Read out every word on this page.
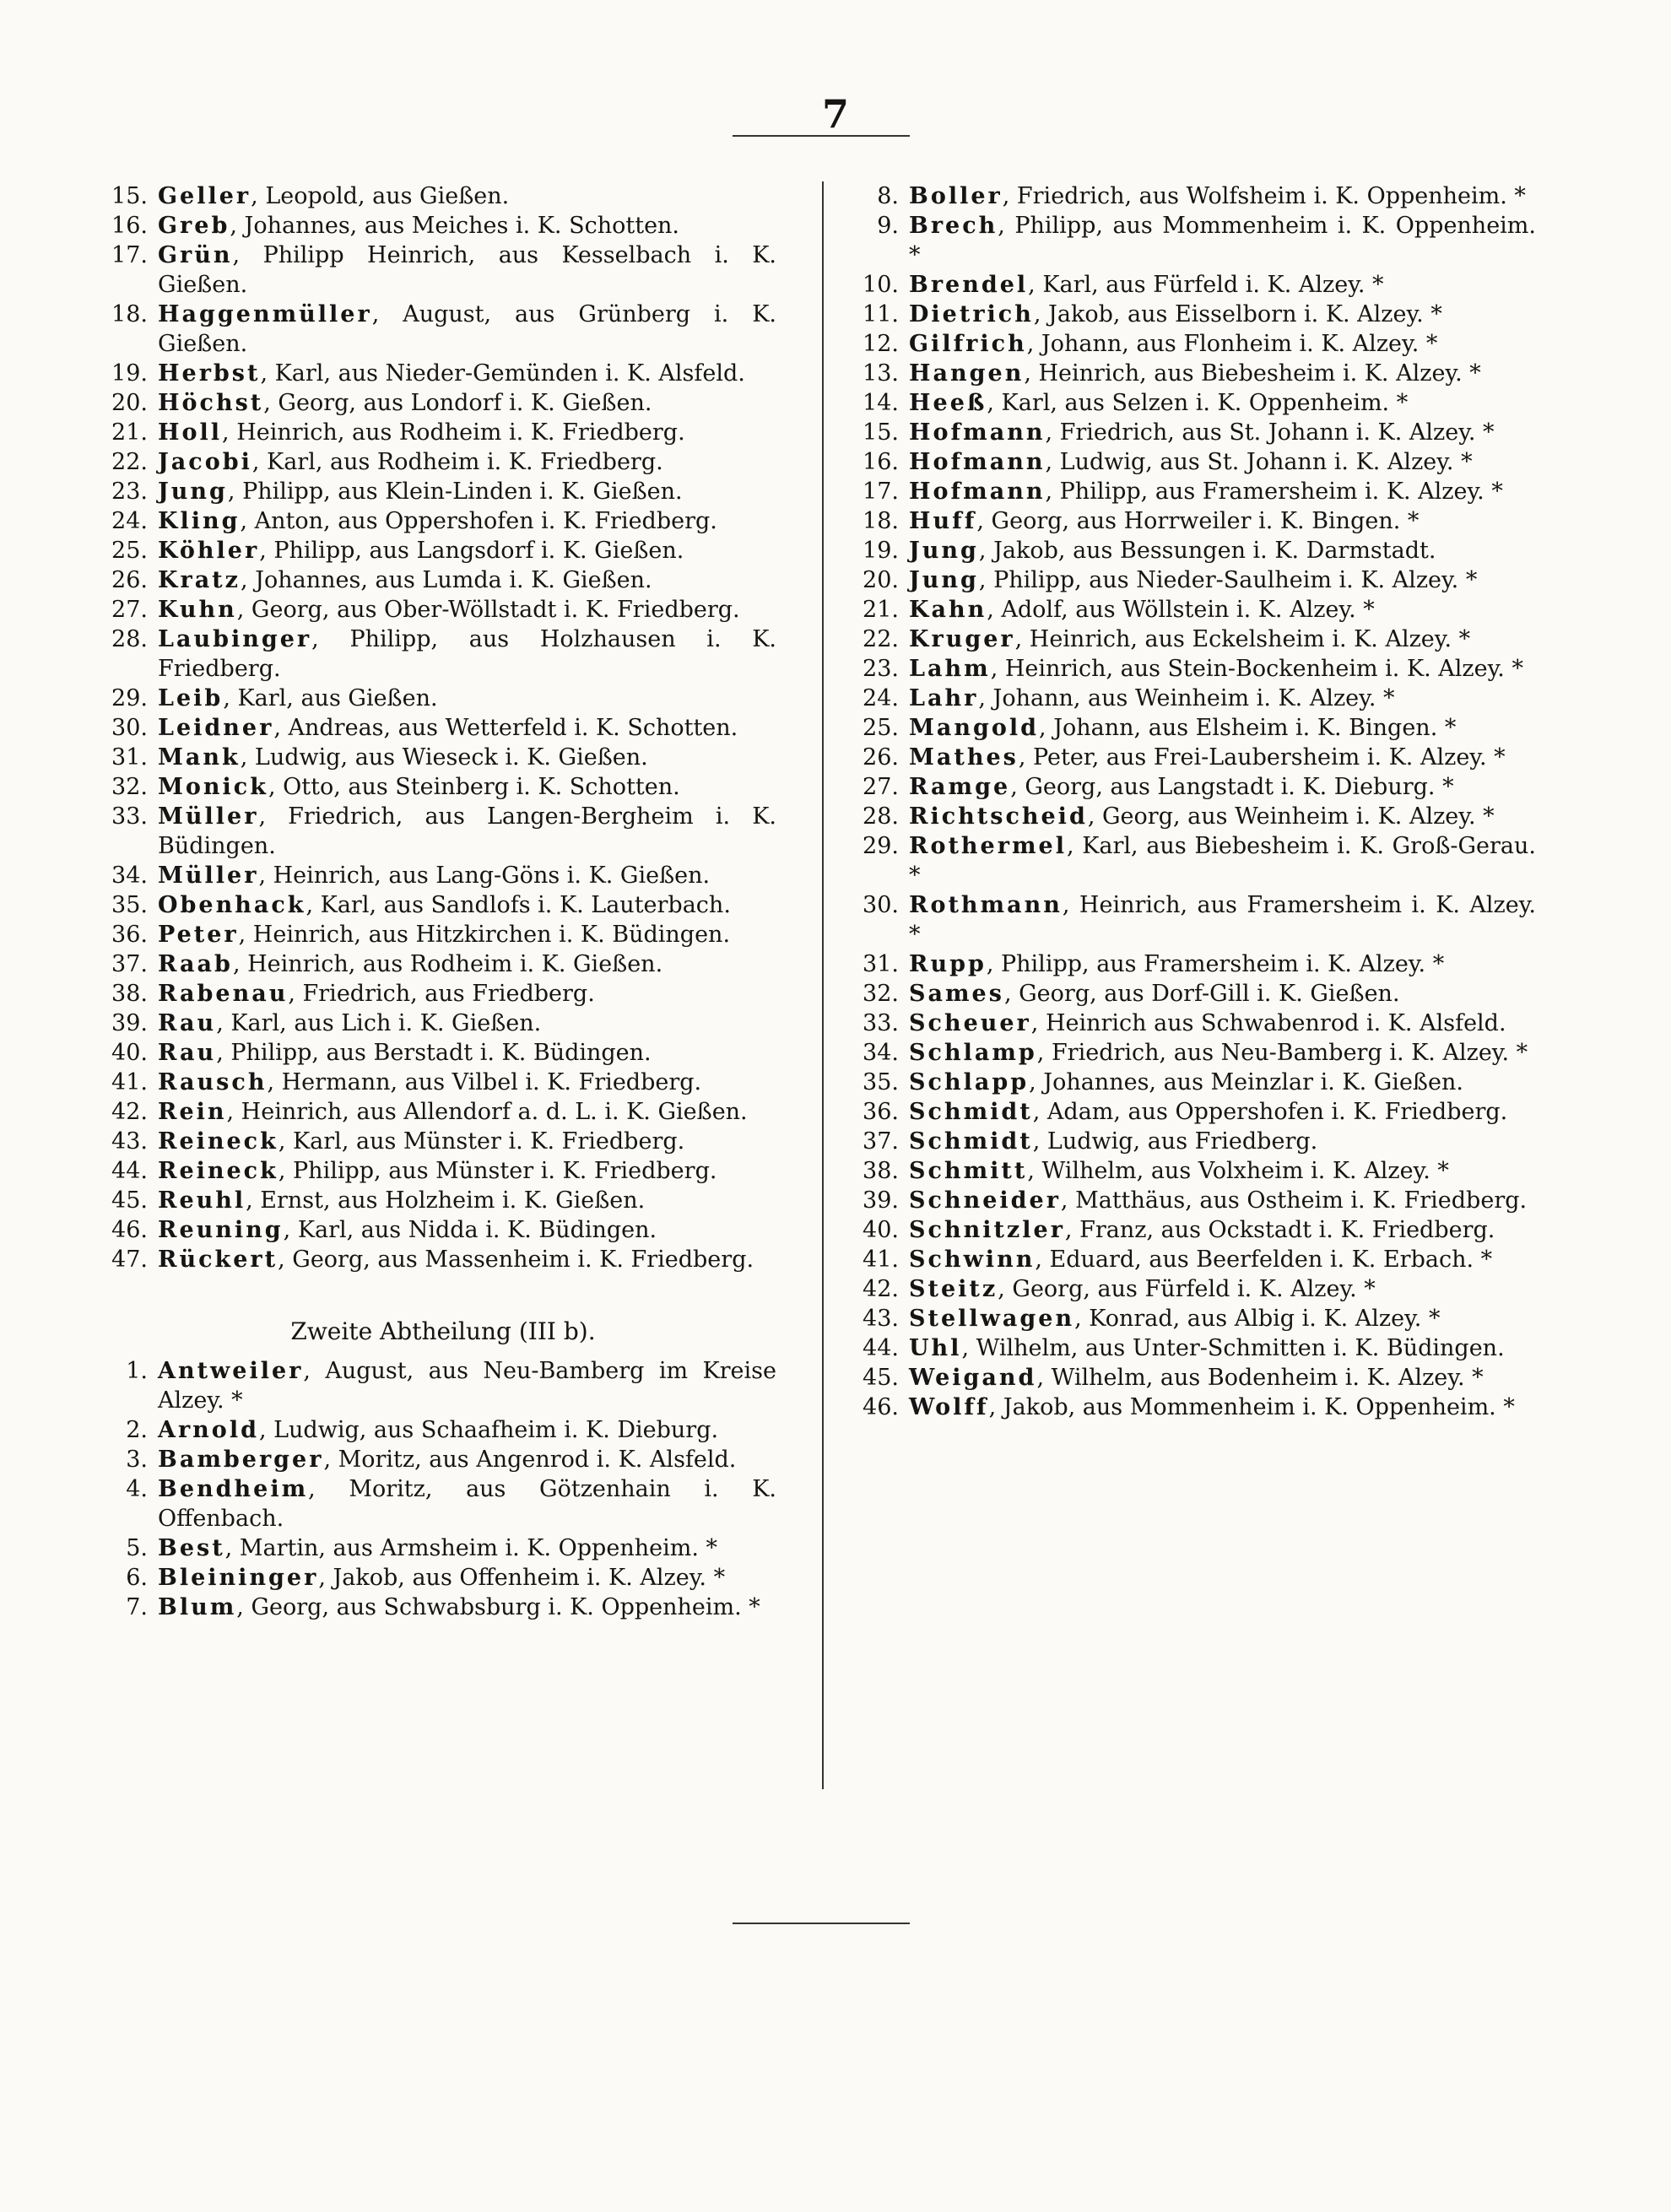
7
15. Geller, Leopold, aus Gießen.
16. Greb, Johannes, aus Meiches i. K. Schotten.
17. Grün, Philipp Heinrich, aus Kesselbach i. K. Gießen.
18. Haggenmüller, August, aus Grünberg i. K. Gießen.
19. Herbst, Karl, aus Nieder-Gemünden i. K. Alsfeld.
20. Höchst, Georg, aus Londorf i. K. Gießen.
21. Holl, Heinrich, aus Rodheim i. K. Friedberg.
22. Jacobi, Karl, aus Rodheim i. K. Friedberg.
23. Jung, Philipp, aus Klein-Linden i. K. Gießen.
24. Kling, Anton, aus Oppershofen i. K. Friedberg.
25. Köhler, Philipp, aus Langsdorf i. K. Gießen.
26. Kratz, Johannes, aus Lumda i. K. Gießen.
27. Kuhn, Georg, aus Ober-Wöllstadt i. K. Friedberg.
28. Laubinger, Philipp, aus Holzhausen i. K. Friedberg.
29. Leib, Karl, aus Gießen.
30. Leidner, Andreas, aus Wetterfeld i. K. Schotten.
31. Mank, Ludwig, aus Wieseck i. K. Gießen.
32. Monick, Otto, aus Steinberg i. K. Schotten.
33. Müller, Friedrich, aus Langen-Bergheim i. K. Büdingen.
34. Müller, Heinrich, aus Lang-Göns i. K. Gießen.
35. Obenhack, Karl, aus Sandlofs i. K. Lauterbach.
36. Peter, Heinrich, aus Hitzkirchen i. K. Büdingen.
37. Raab, Heinrich, aus Rodheim i. K. Gießen.
38. Rabenau, Friedrich, aus Friedberg.
39. Rau, Karl, aus Lich i. K. Gießen.
40. Rau, Philipp, aus Berstadt i. K. Büdingen.
41. Rausch, Hermann, aus Vilbel i. K. Friedberg.
42. Rein, Heinrich, aus Allendorf a. d. L. i. K. Gießen.
43. Reineck, Karl, aus Münster i. K. Friedberg.
44. Reineck, Philipp, aus Münster i. K. Friedberg.
45. Reuhl, Ernst, aus Holzheim i. K. Gießen.
46. Reuning, Karl, aus Nidda i. K. Büdingen.
47. Rückert, Georg, aus Massenheim i. K. Friedberg.
Zweite Abtheilung (III b).
1. Antweiler, August, aus Neu-Bamberg im Kreise Alzey. *
2. Arnold, Ludwig, aus Schaafheim i. K. Dieburg.
3. Bamberger, Moritz, aus Angenrod i. K. Alsfeld.
4. Bendheim, Moritz, aus Götzenhain i. K. Offenbach.
5. Best, Martin, aus Armsheim i. K. Oppenheim. *
6. Bleininger, Jakob, aus Offenheim i. K. Alzey. *
7. Blum, Georg, aus Schwabsburg i. K. Oppenheim. *
8. Boller, Friedrich, aus Wolfsheim i. K. Oppenheim. *
9. Brech, Philipp, aus Mommenheim i. K. Oppenheim. *
10. Brendel, Karl, aus Fürfeld i. K. Alzey. *
11. Dietrich, Jakob, aus Eisselborn i. K. Alzey. *
12. Gilfrich, Johann, aus Flonheim i. K. Alzey. *
13. Hangen, Heinrich, aus Biebesheim i. K. Alzey. *
14. Heeß, Karl, aus Selzen i. K. Oppenheim. *
15. Hofmann, Friedrich, aus St. Johann i. K. Alzey. *
16. Hofmann, Ludwig, aus St. Johann i. K. Alzey. *
17. Hofmann, Philipp, aus Framersheim i. K. Alzey. *
18. Huff, Georg, aus Horrweiler i. K. Bingen. *
19. Jung, Jakob, aus Bessungen i. K. Darmstadt.
20. Jung, Philipp, aus Nieder-Saulheim i. K. Alzey. *
21. Kahn, Adolf, aus Wöllstein i. K. Alzey. *
22. Kruger, Heinrich, aus Eckelsheim i. K. Alzey. *
23. Lahm, Heinrich, aus Stein-Bockenheim i. K. Alzey. *
24. Lahr, Johann, aus Weinheim i. K. Alzey. *
25. Mangold, Johann, aus Elsheim i. K. Bingen. *
26. Mathes, Peter, aus Frei-Laubersheim i. K. Alzey. *
27. Ramge, Georg, aus Langstadt i. K. Dieburg. *
28. Richtscheid, Georg, aus Weinheim i. K. Alzey. *
29. Rothermel, Karl, aus Biebesheim i. K. Groß-Gerau. *
30. Rothmann, Heinrich, aus Framersheim i. K. Alzey. *
31. Rupp, Philipp, aus Framersheim i. K. Alzey. *
32. Sames, Georg, aus Dorf-Gill i. K. Gießen.
33. Scheuer, Heinrich aus Schwabenrod i. K. Alsfeld.
34. Schlamp, Friedrich, aus Neu-Bamberg i. K. Alzey. *
35. Schlapp, Johannes, aus Meinzlar i. K. Gießen.
36. Schmidt, Adam, aus Oppershofen i. K. Friedberg.
37. Schmidt, Ludwig, aus Friedberg.
38. Schmitt, Wilhelm, aus Volxheim i. K. Alzey. *
39. Schneider, Matthäus, aus Ostheim i. K. Friedberg.
40. Schnitzler, Franz, aus Ockstadt i. K. Friedberg.
41. Schwinn, Eduard, aus Beerfelden i. K. Erbach. *
42. Steitz, Georg, aus Fürfeld i. K. Alzey. *
43. Stellwagen, Konrad, aus Albig i. K. Alzey. *
44. Uhl, Wilhelm, aus Unter-Schmitten i. K. Büdingen.
45. Weigand, Wilhelm, aus Bodenheim i. K. Alzey. *
46. Wolff, Jakob, aus Mommenheim i. K. Oppenheim. *
